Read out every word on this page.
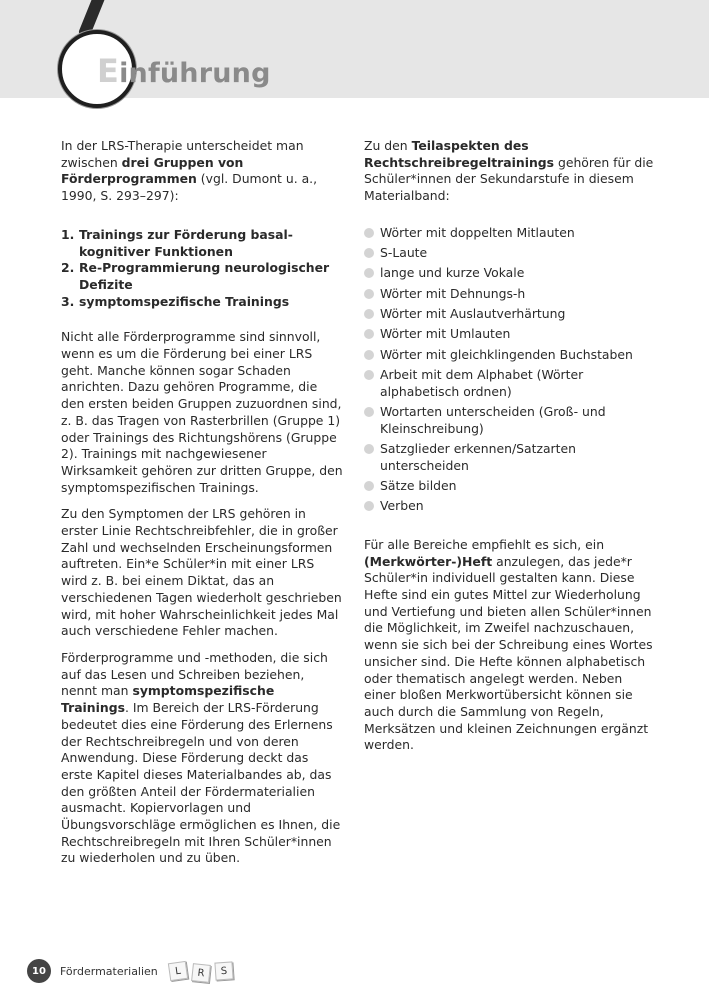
Einführung

In der LRS-Therapie unterscheidet man zwischen drei Gruppen von Förderprogrammen (vgl. Dumont u. a., 1990, S. 293–297):

1. Trainings zur Förderung basal-kognitiver Funktionen
2. Re-Programmierung neurologischer Defizite
3. symptomspezifische Trainings

Nicht alle Förderprogramme sind sinnvoll, wenn es um die Förderung bei einer LRS geht. Manche können sogar Schaden anrichten. Dazu gehören Programme, die den ersten beiden Gruppen zuzuordnen sind, z. B. das Tragen von Rasterbrillen (Gruppe 1) oder Trainings des Richtungshörens (Gruppe 2). Trainings mit nachgewiesener Wirksamkeit gehören zur dritten Gruppe, den symptomspezifischen Trainings.

Zu den Symptomen der LRS gehören in erster Linie Rechtschreibfehler, die in großer Zahl und wechselnden Erscheinungsformen auftreten. Ein*e Schüler*in mit einer LRS wird z. B. bei einem Diktat, das an verschiedenen Tagen wiederholt geschrieben wird, mit hoher Wahrscheinlichkeit jedes Mal auch verschiedene Fehler machen.

Förderprogramme und -methoden, die sich auf das Lesen und Schreiben beziehen, nennt man symptomspezifische Trainings. Im Bereich der LRS-Förderung bedeutet dies eine Förderung des Erlernens der Rechtschreibregeln und von deren Anwendung. Diese Förderung deckt das erste Kapitel dieses Materialbandes ab, das den größten Anteil der Fördermaterialien ausmacht. Kopiervorlagen und Übungsvorschläge ermöglichen es Ihnen, die Rechtschreibregeln mit Ihren Schüler*innen zu wiederholen und zu üben.

Zu den Teilaspekten des Rechtschreibregeltrainings gehören für die Schüler*innen der Sekundarstufe in diesem Materialband:

Wörter mit doppelten Mitlauten
S-Laute
lange und kurze Vokale
Wörter mit Dehnungs-h
Wörter mit Auslautverhärtung
Wörter mit Umlauten
Wörter mit gleichklingenden Buchstaben
Arbeit mit dem Alphabet (Wörter alphabetisch ordnen)
Wortarten unterscheiden (Groß- und Kleinschreibung)
Satzglieder erkennen/Satzarten unterscheiden
Sätze bilden
Verben

Für alle Bereiche empfiehlt es sich, ein (Merkwörter-)Heft anzulegen, das jede*r Schüler*in individuell gestalten kann. Diese Hefte sind ein gutes Mittel zur Wiederholung und Vertiefung und bieten allen Schüler*innen die Möglichkeit, im Zweifel nachzuschauen, wenn sie sich bei der Schreibung eines Wortes unsicher sind. Die Hefte können alphabetisch oder thematisch angelegt werden. Neben einer bloßen Merkwortübersicht können sie auch durch die Sammlung von Regeln, Merksätzen und kleinen Zeichnungen ergänzt werden.

10	Fördermaterialien	L	R	S
